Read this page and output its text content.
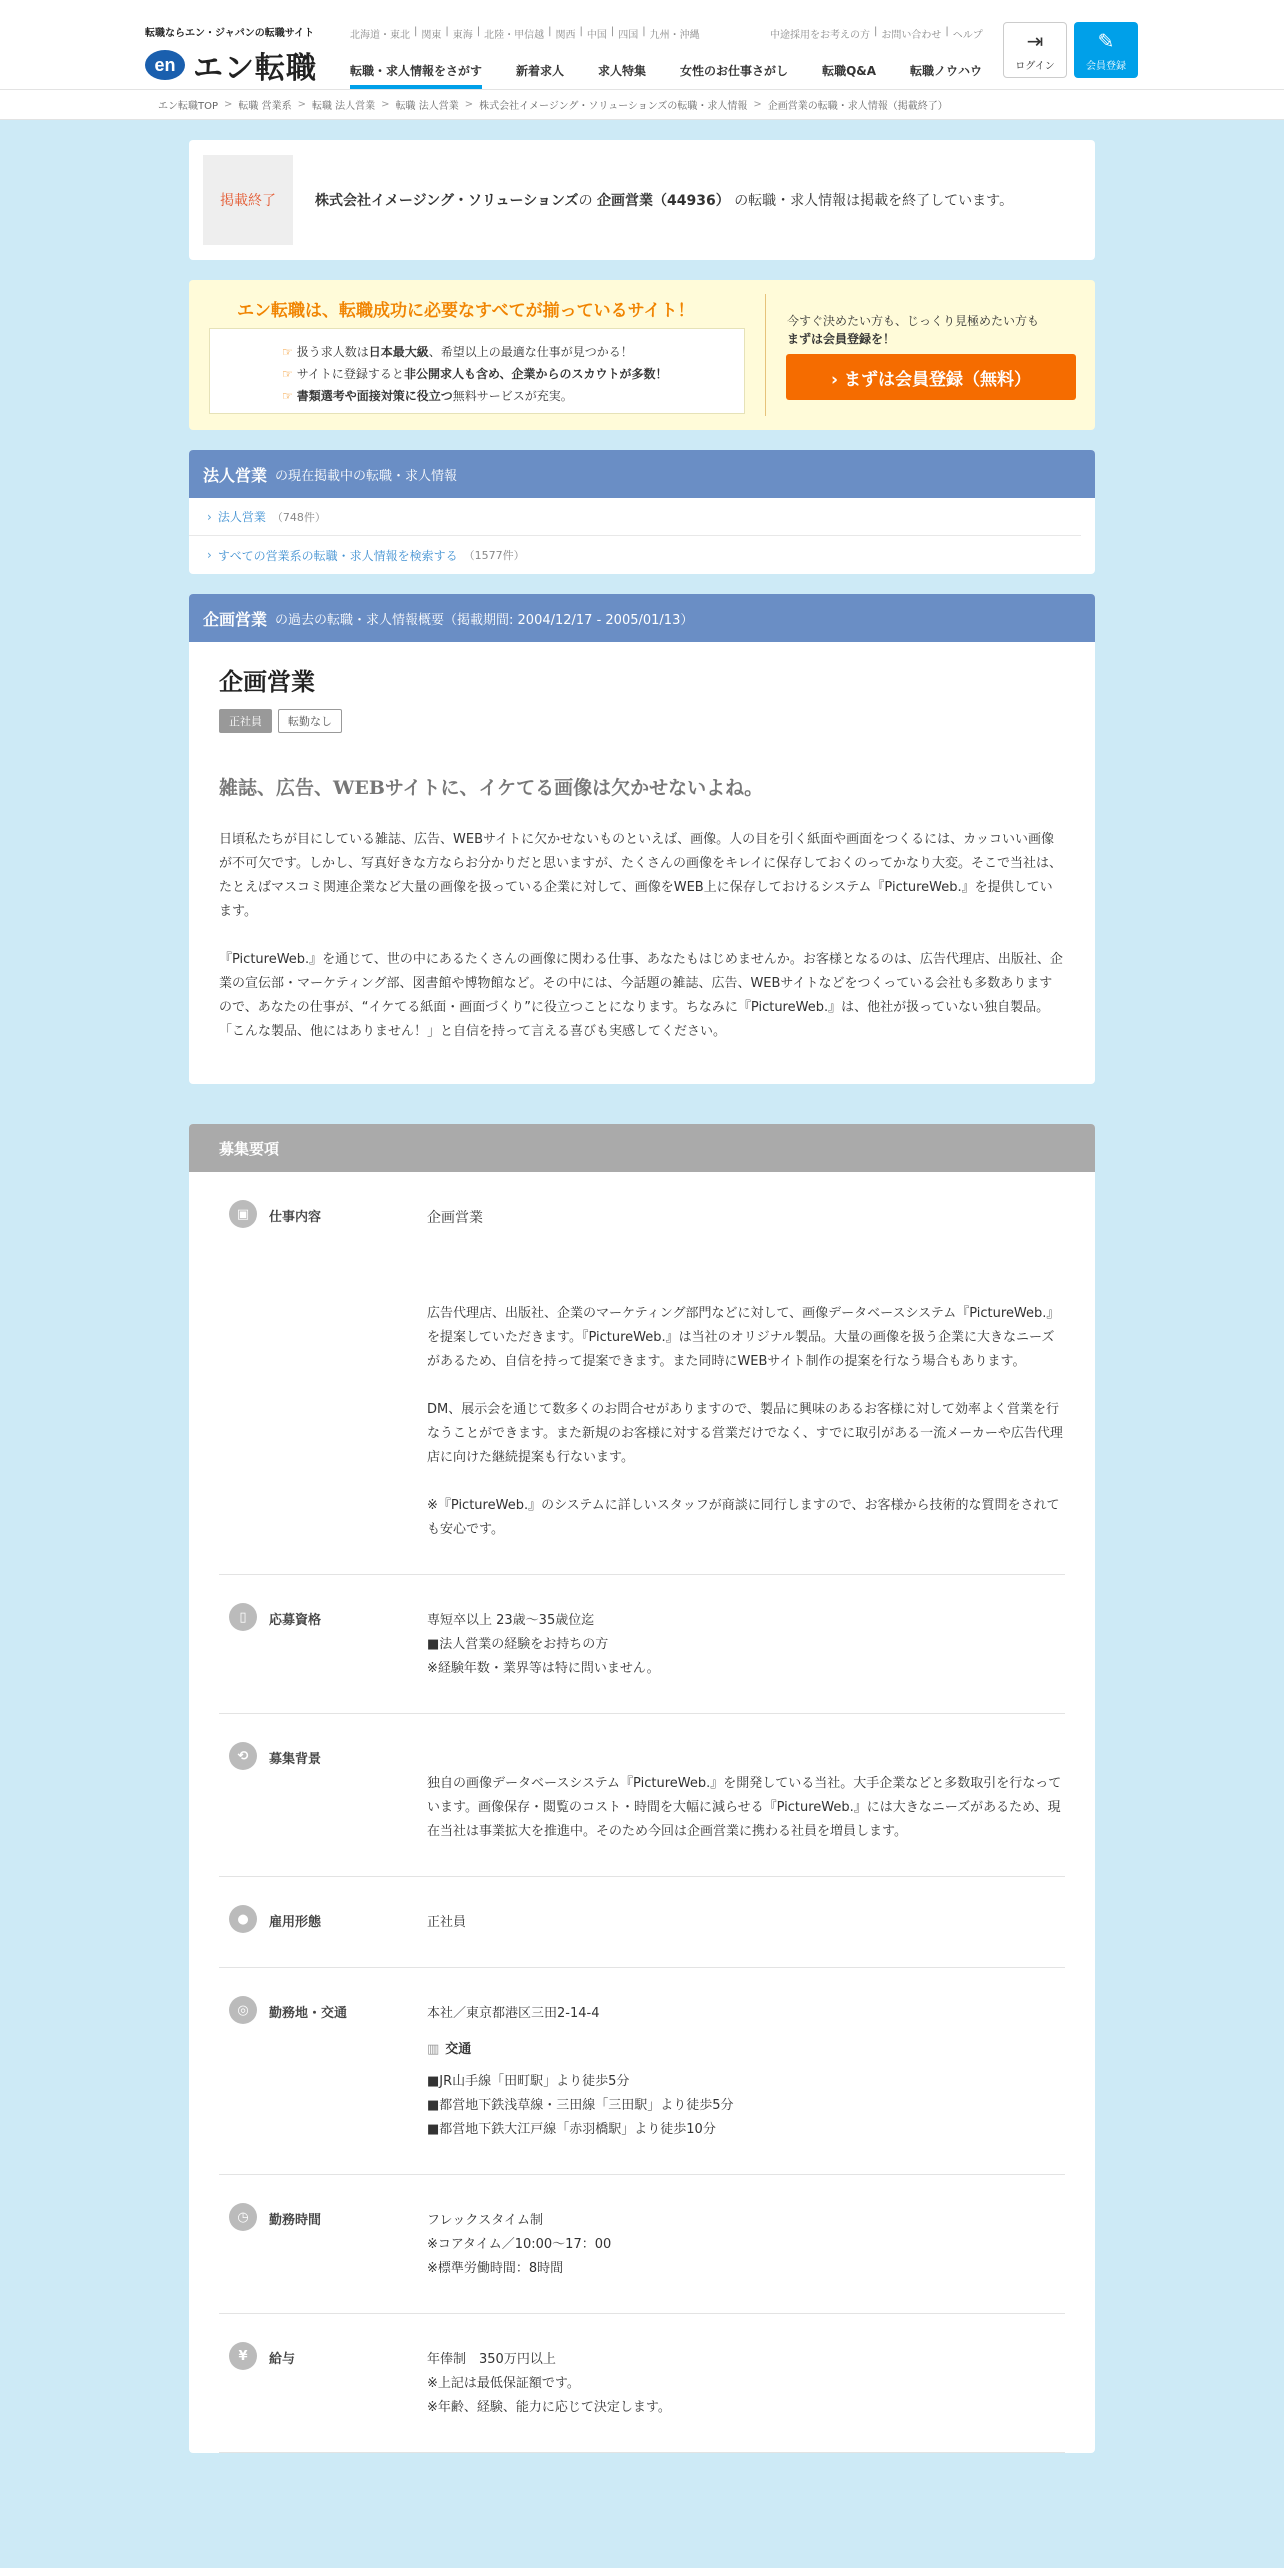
転職ならエン・ジャパンの転職サイト
en エン転職
北海道・東北 | 関東 | 東海 | 北陸・甲信越 | 関西 | 中国 | 四国 | 九州・沖縄	中途採用をお考えの方 | お問い合わせ | ヘルプ
転職・求人情報をさがす	新着求人	求人特集	女性のお仕事さがし	転職Q&A	転職ノウハウ
⇥
ログイン
✎
会員登録
エン転職TOP > 転職 営業系 > 転職 法人営業 > 転職 法人営業 > 株式会社イメージング・ソリューションズの転職・求人情報 > 企画営業の転職・求人情報（掲載終了）
掲載終了	株式会社イメージング・ソリューションズの 企画営業（44936） の転職・求人情報は掲載を終了しています。
エン転職は、転職成功に必要なすべてが揃っているサイト！
☞ 扱う求人数は日本最大級、希望以上の最適な仕事が見つかる！
☞ サイトに登録すると非公開求人も含め、企業からのスカウトが多数！
☞ 書類選考や面接対策に役立つ無料サービスが充実。
今すぐ決めたい方も、じっくり見極めたい方も
まずは会員登録を！
› まずは会員登録（無料）
法人営業 の現在掲載中の転職・求人情報
› 法人営業 （748件）
› すべての営業系の転職・求人情報を検索する （1577件）
企画営業 の過去の転職・求人情報概要（掲載期間: 2004/12/17 - 2005/01/13）
企画営業
正社員	転勤なし
雑誌、広告、WEBサイトに、イケてる画像は欠かせないよね。

日頃私たちが目にしている雑誌、広告、WEBサイトに欠かせないものといえば、画像。人の目を引く紙面や画面をつくるには、カッコいい画像が不可欠です。しかし、写真好きな方ならお分かりだと思いますが、たくさんの画像をキレイに保存しておくのってかなり大変。そこで当社は、たとえばマスコミ関連企業など大量の画像を扱っている企業に対して、画像をWEB上に保存しておけるシステム『PictureWeb.』を提供しています。

『PictureWeb.』を通じて、世の中にあるたくさんの画像に関わる仕事、あなたもはじめませんか。お客様となるのは、広告代理店、出版社、企業の宣伝部・マーケティング部、図書館や博物館など。その中には、今話題の雑誌、広告、WEBサイトなどをつくっている会社も多数ありますので、あなたの仕事が、“イケてる紙面・画面づくり”に役立つことになります。ちなみに『PictureWeb.』は、他社が扱っていない独自製品。「こんな製品、他にはありません！」と自信を持って言える喜びも実感してください。

募集要項
▣	仕事内容	企画営業

広告代理店、出版社、企業のマーケティング部門などに対して、画像データベースシステム『PictureWeb.』を提案していただきます。『PictureWeb.』は当社のオリジナル製品。大量の画像を扱う企業に大きなニーズがあるため、自信を持って提案できます。また同時にWEBサイト制作の提案を行なう場合もあります。

DM、展示会を通じて数多くのお問合せがありますので、製品に興味のあるお客様に対して効率よく営業を行なうことができます。また新規のお客様に対する営業だけでなく、すでに取引がある一流メーカーや広告代理店に向けた継続提案も行ないます。

※『PictureWeb.』のシステムに詳しいスタッフが商談に同行しますので、お客様から技術的な質問をされても安心です。

▯	応募資格	専短卒以上 23歳～35歳位迄
■法人営業の経験をお持ちの方
※経験年数・業界等は特に問いません。
⟲	募集背景

独自の画像データベースシステム『PictureWeb.』を開発している当社。大手企業などと多数取引を行なっています。画像保存・閲覧のコスト・時間を大幅に減らせる『PictureWeb.』には大きなニーズがあるため、現在当社は事業拡大を推進中。そのため今回は企画営業に携わる社員を増員します。

●	雇用形態	正社員
◎	勤務地・交通	本社／東京都港区三田2-14-4
▥ 交通
■JR山手線「田町駅」より徒歩5分
■都営地下鉄浅草線・三田線「三田駅」より徒歩5分
■都営地下鉄大江戸線「赤羽橋駅」より徒歩10分
◷	勤務時間	フレックスタイム制
※コアタイム／10:00～17：00
※標準労働時間：8時間
¥	給与	年俸制　350万円以上
※上記は最低保証額です。
※年齢、経験、能力に応じて決定します。
